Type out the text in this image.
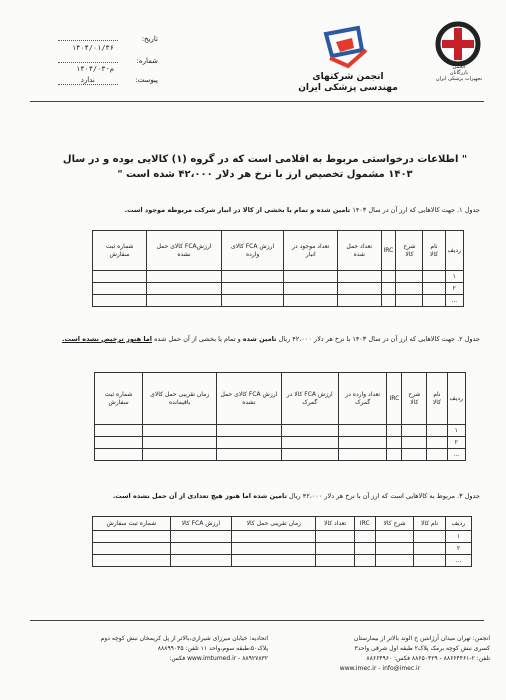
انجمن
بازرگانان
تجهیزات پزشکی ایران
انجمن شرکتهای
مهندسی پزشکی ایران
تاریخ:
۱۴۰۴/۰۱/۳۶
شماره:
م-۱۴۰۴/۰۳
پیوست: ندارد
" اطلاعات درخواستی مربوط به اقلامی است که در گروه (۱) کالایی بوده و در سال ۱۴۰۳ مشمول تخصیص ارز با نرخ هر دلار ۴۲،۰۰۰ شده است "
جدول ۱. جهت کالاهایی که ارز آن در سال ۱۴۰۳ تامین شده و تمام یا بخشی از کالا در انبار شرکت مربوطه موجود است.
ردیف	نام کالا	شرح کالا	IRC	تعداد حمل شده	تعداد موجود در انبار	ارزش FCA کالای وارده	ارزشFCA کالای حمل نشده	شماره ثبت سفارش
۱								
۲								
...								
جدول ۲. جهت کالاهایی که ارز آن در سال ۱۴۰۳ با نرخ هر دلار ۴۲،۰۰۰ ریال تامین شده و تمام یا بخشی از آن حمل شده اما هنوز ترخیص نشده است.
ردیف	نام کالا	شرح کالا	IRC	تعداد وارده در گمرک	ارزش FCA کالا در گمرک	ارزش FCA کالای حمل نشده	زمان تقریبی حمل کالای باقیمانده	شماره ثبت سفارش
۱								
۲								
...								
جدول ۳. مربوط به کالاهایی است که ارز آن با نرخ هر دلار ۴۲،۰۰۰ ریال تامین شده اما هنوز هیچ تعدادی از آن حمل نشده است.
ردیف	نام کالا	شرح کالا	IRC	تعداد کالا	زمان تقریبی حمل کالا	ارزش FCA کالا	شماره ثبت سفارش
۱							
۲							
...							
انجمن: تهران میدان آرژانتین خ الوند بالاتر از بیمارستان
کسری نبش کوچه برمک پلاک۲ طبقه اول شرقی واحد۳
تلفن: ۲-۸۸۶۶۴۴۶۱ - ۸۸۶۵۰۴۲۹ فکس: ۸۸۶۶۴۹۶۰
www.imec.ir - info@imec.ir
اتحادیه: خیابان میرزای شیرازی،بالاتر از پل کریمخان نبش کوچه دوم
پلاک۵۰،طبقه سوم،واحد ۱۱ تلفن: ۸۸۸۹۹۰۴۵
www.imtumed.ir - ۸۸۹۲۷۸۳۲ فکس:
